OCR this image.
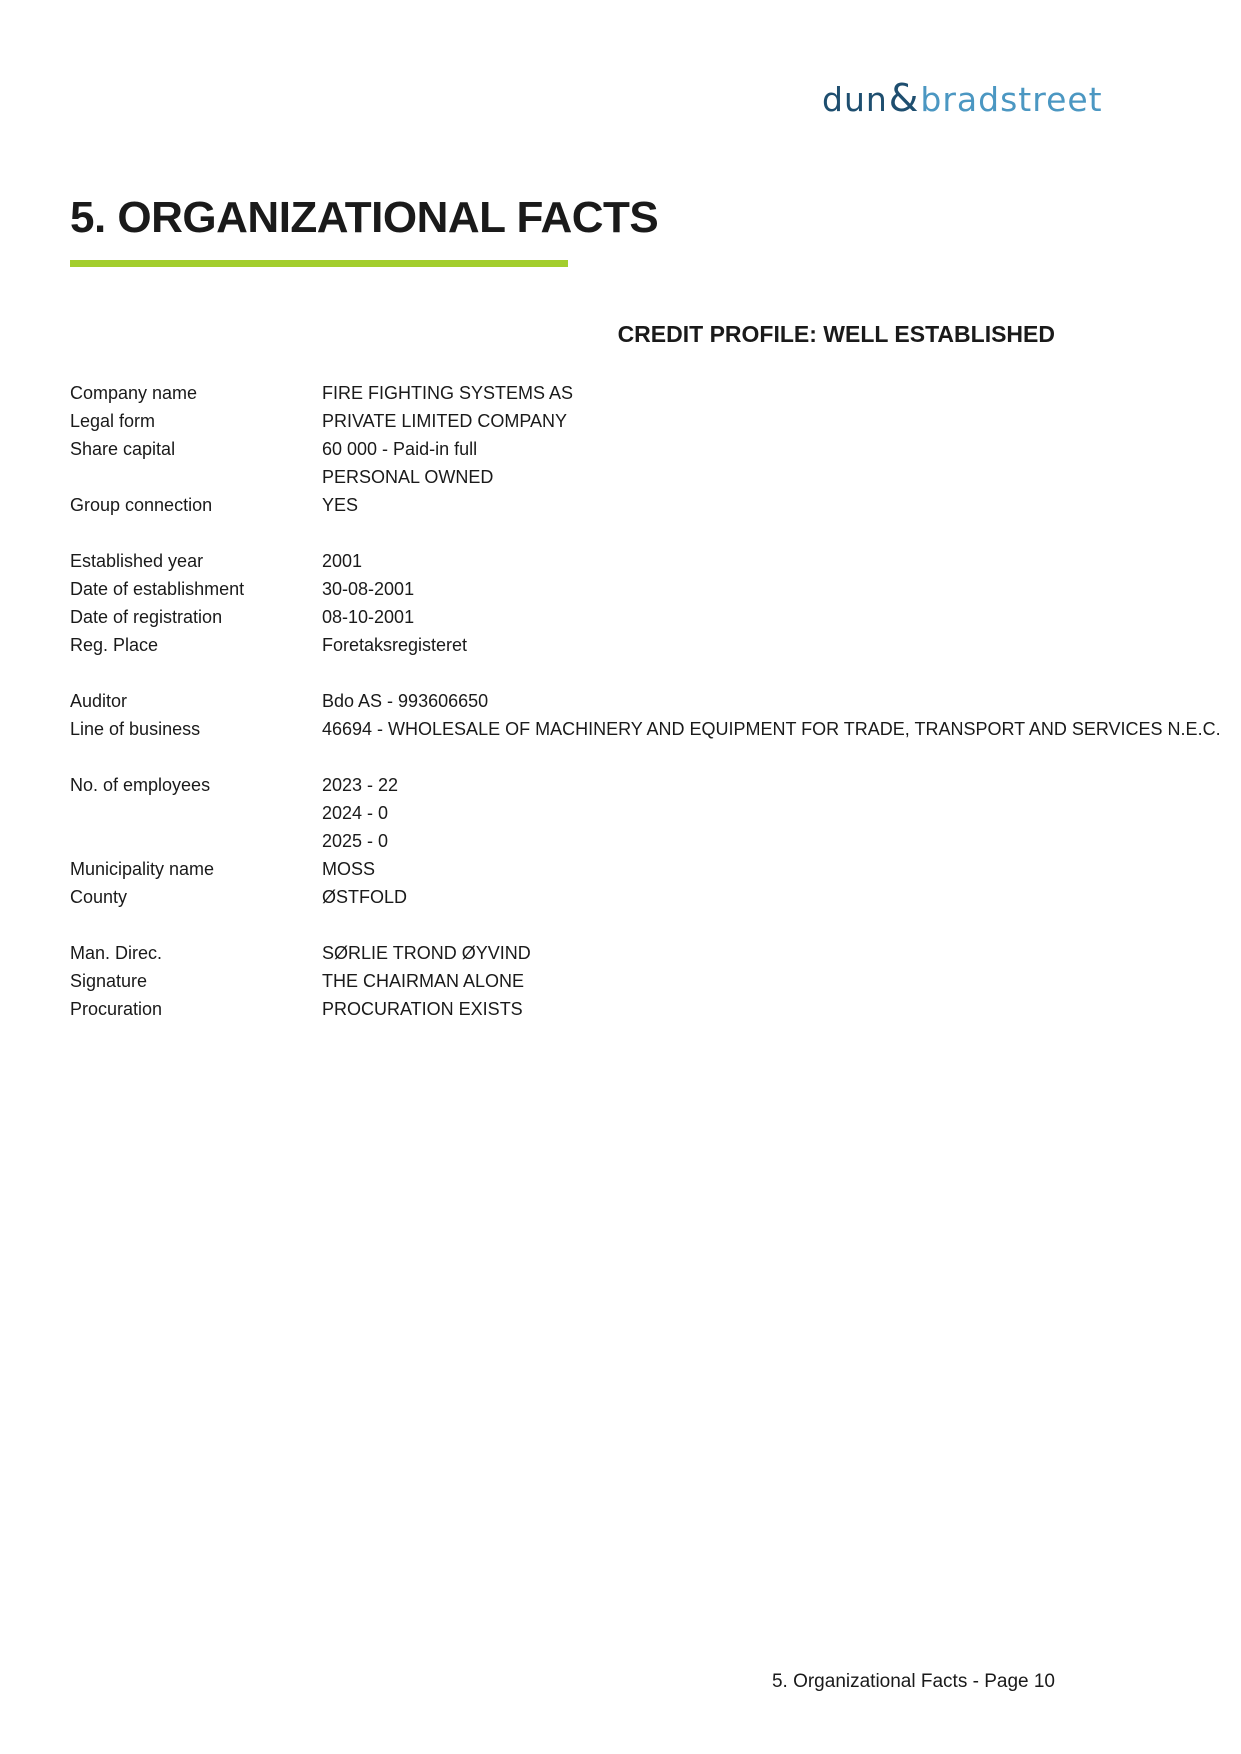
dun&bradstreet
5. ORGANIZATIONAL FACTS
CREDIT PROFILE: WELL ESTABLISHED
Company name	FIRE FIGHTING SYSTEMS AS
Legal form	PRIVATE LIMITED COMPANY
Share capital	60 000 - Paid-in full
PERSONAL OWNED
Group connection	YES
Established year	2001
Date of establishment	30-08-2001
Date of registration	08-10-2001
Reg. Place	Foretaksregisteret
Auditor	Bdo AS - 993606650
Line of business	46694 - WHOLESALE OF MACHINERY AND EQUIPMENT FOR TRADE, TRANSPORT AND SERVICES N.E.C.
No. of employees	2023 - 22
2024 - 0
2025 - 0
Municipality name	MOSS
County	ØSTFOLD
Man. Direc.	SØRLIE TROND ØYVIND
Signature	THE CHAIRMAN ALONE
Procuration	PROCURATION EXISTS
5. Organizational Facts - Page 10
